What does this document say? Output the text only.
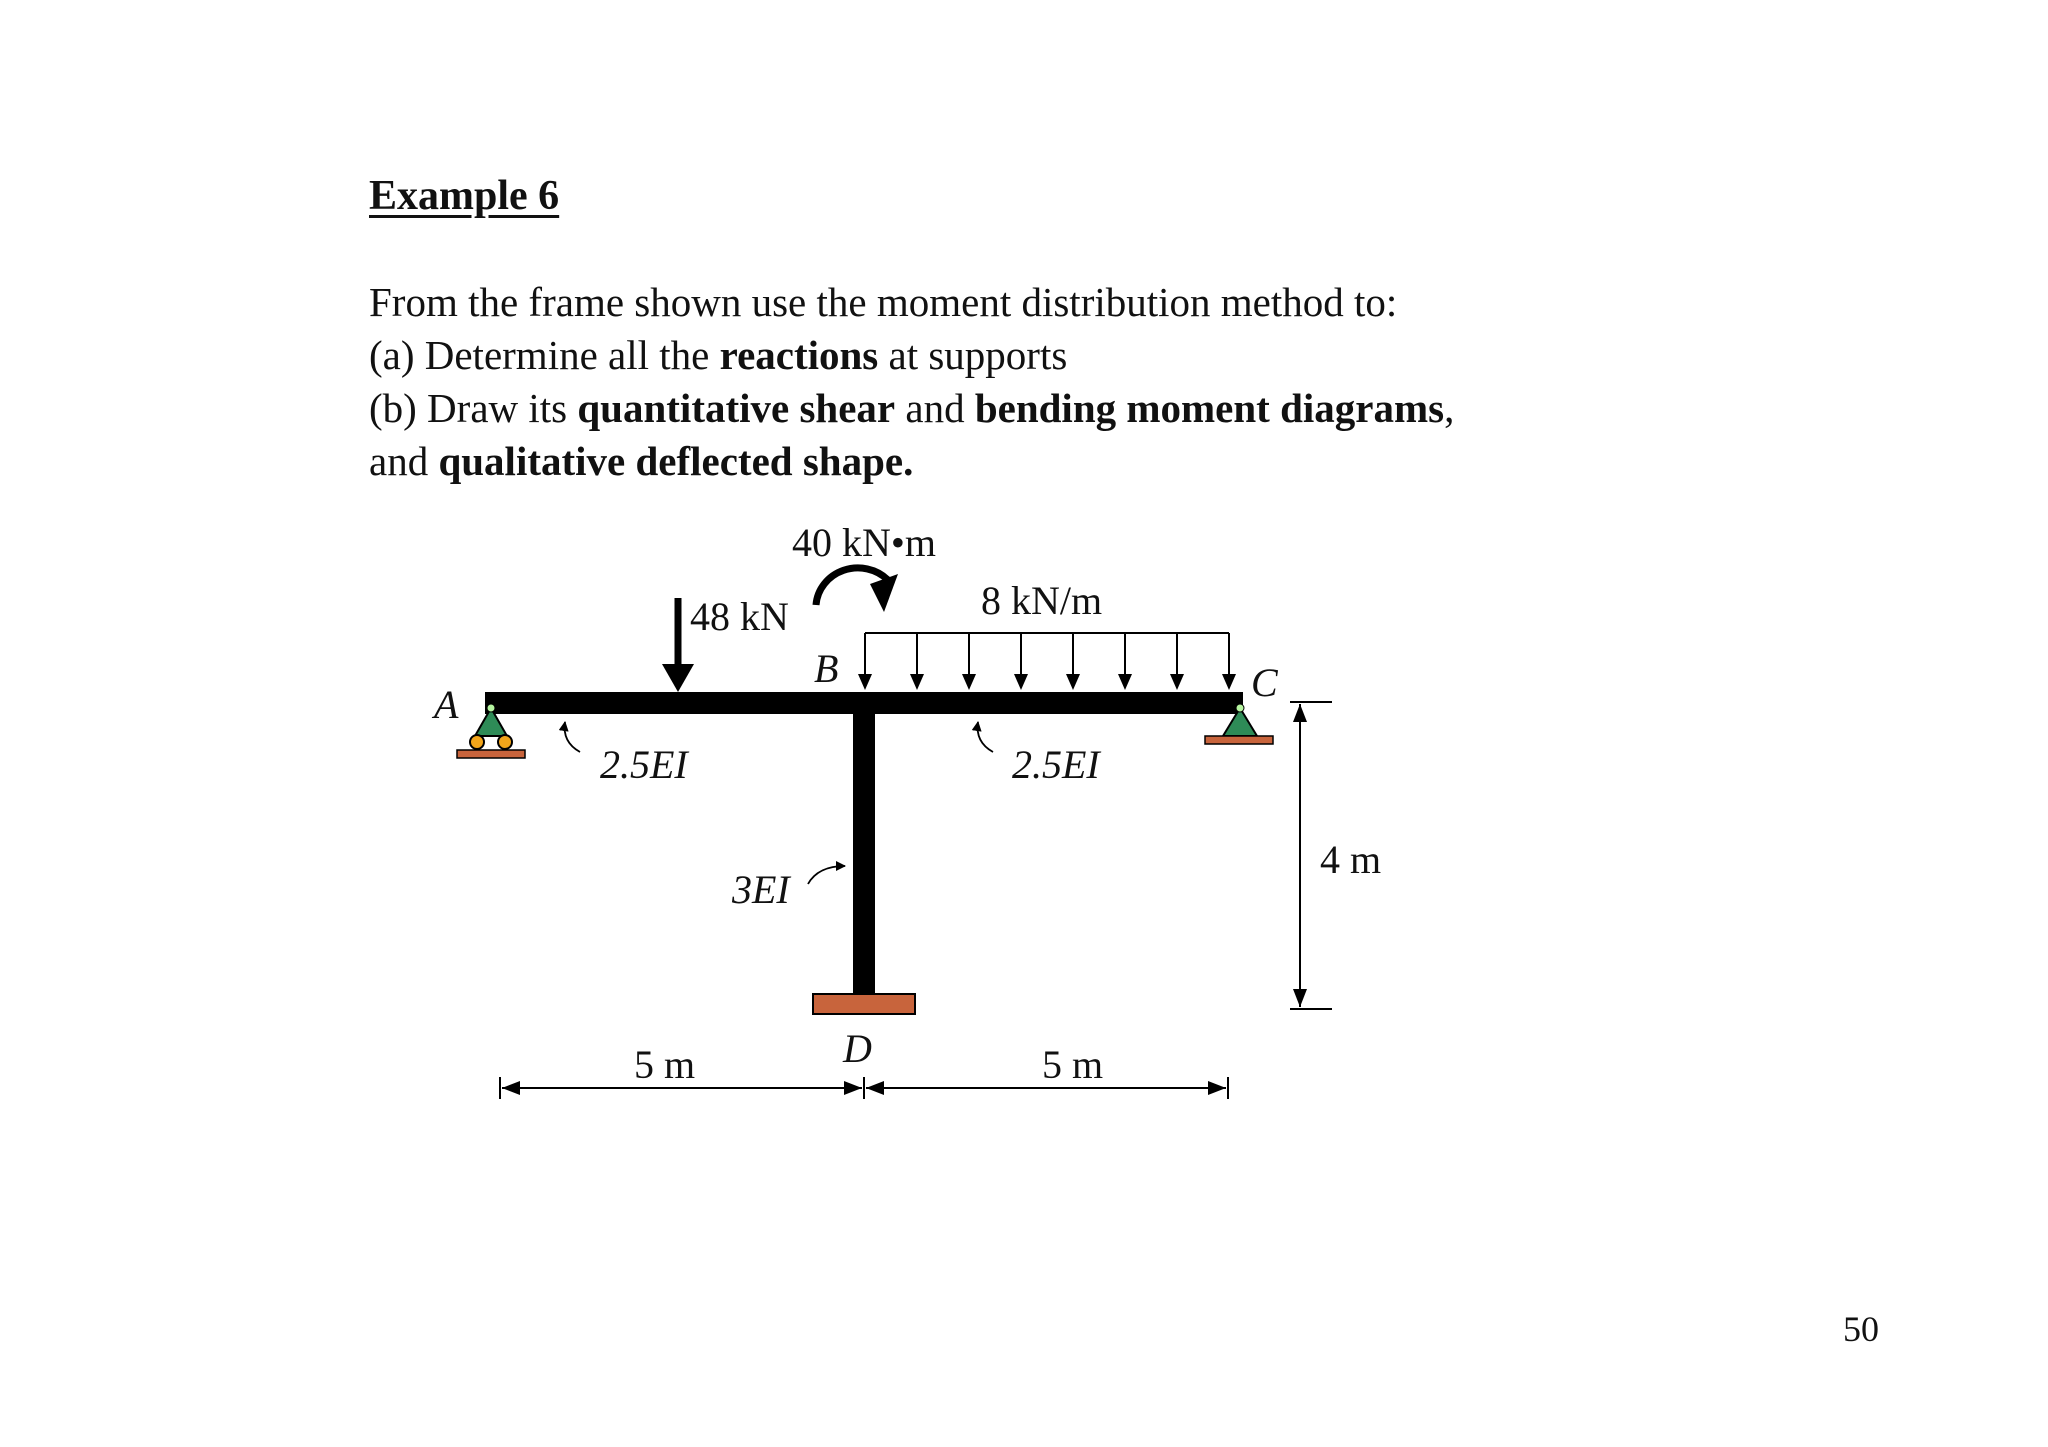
Example 6
From the frame shown use the moment distribution method to:
(a) Determine all the reactions at supports
(b) Draw its quantitative shear and bending moment diagrams,
and qualitative deflected shape.
A
B	C
D
48 kN
40 kN•m
8 kN/m
2.5EI	2.5EI
3EI
4 m
5 m	5 m
50
